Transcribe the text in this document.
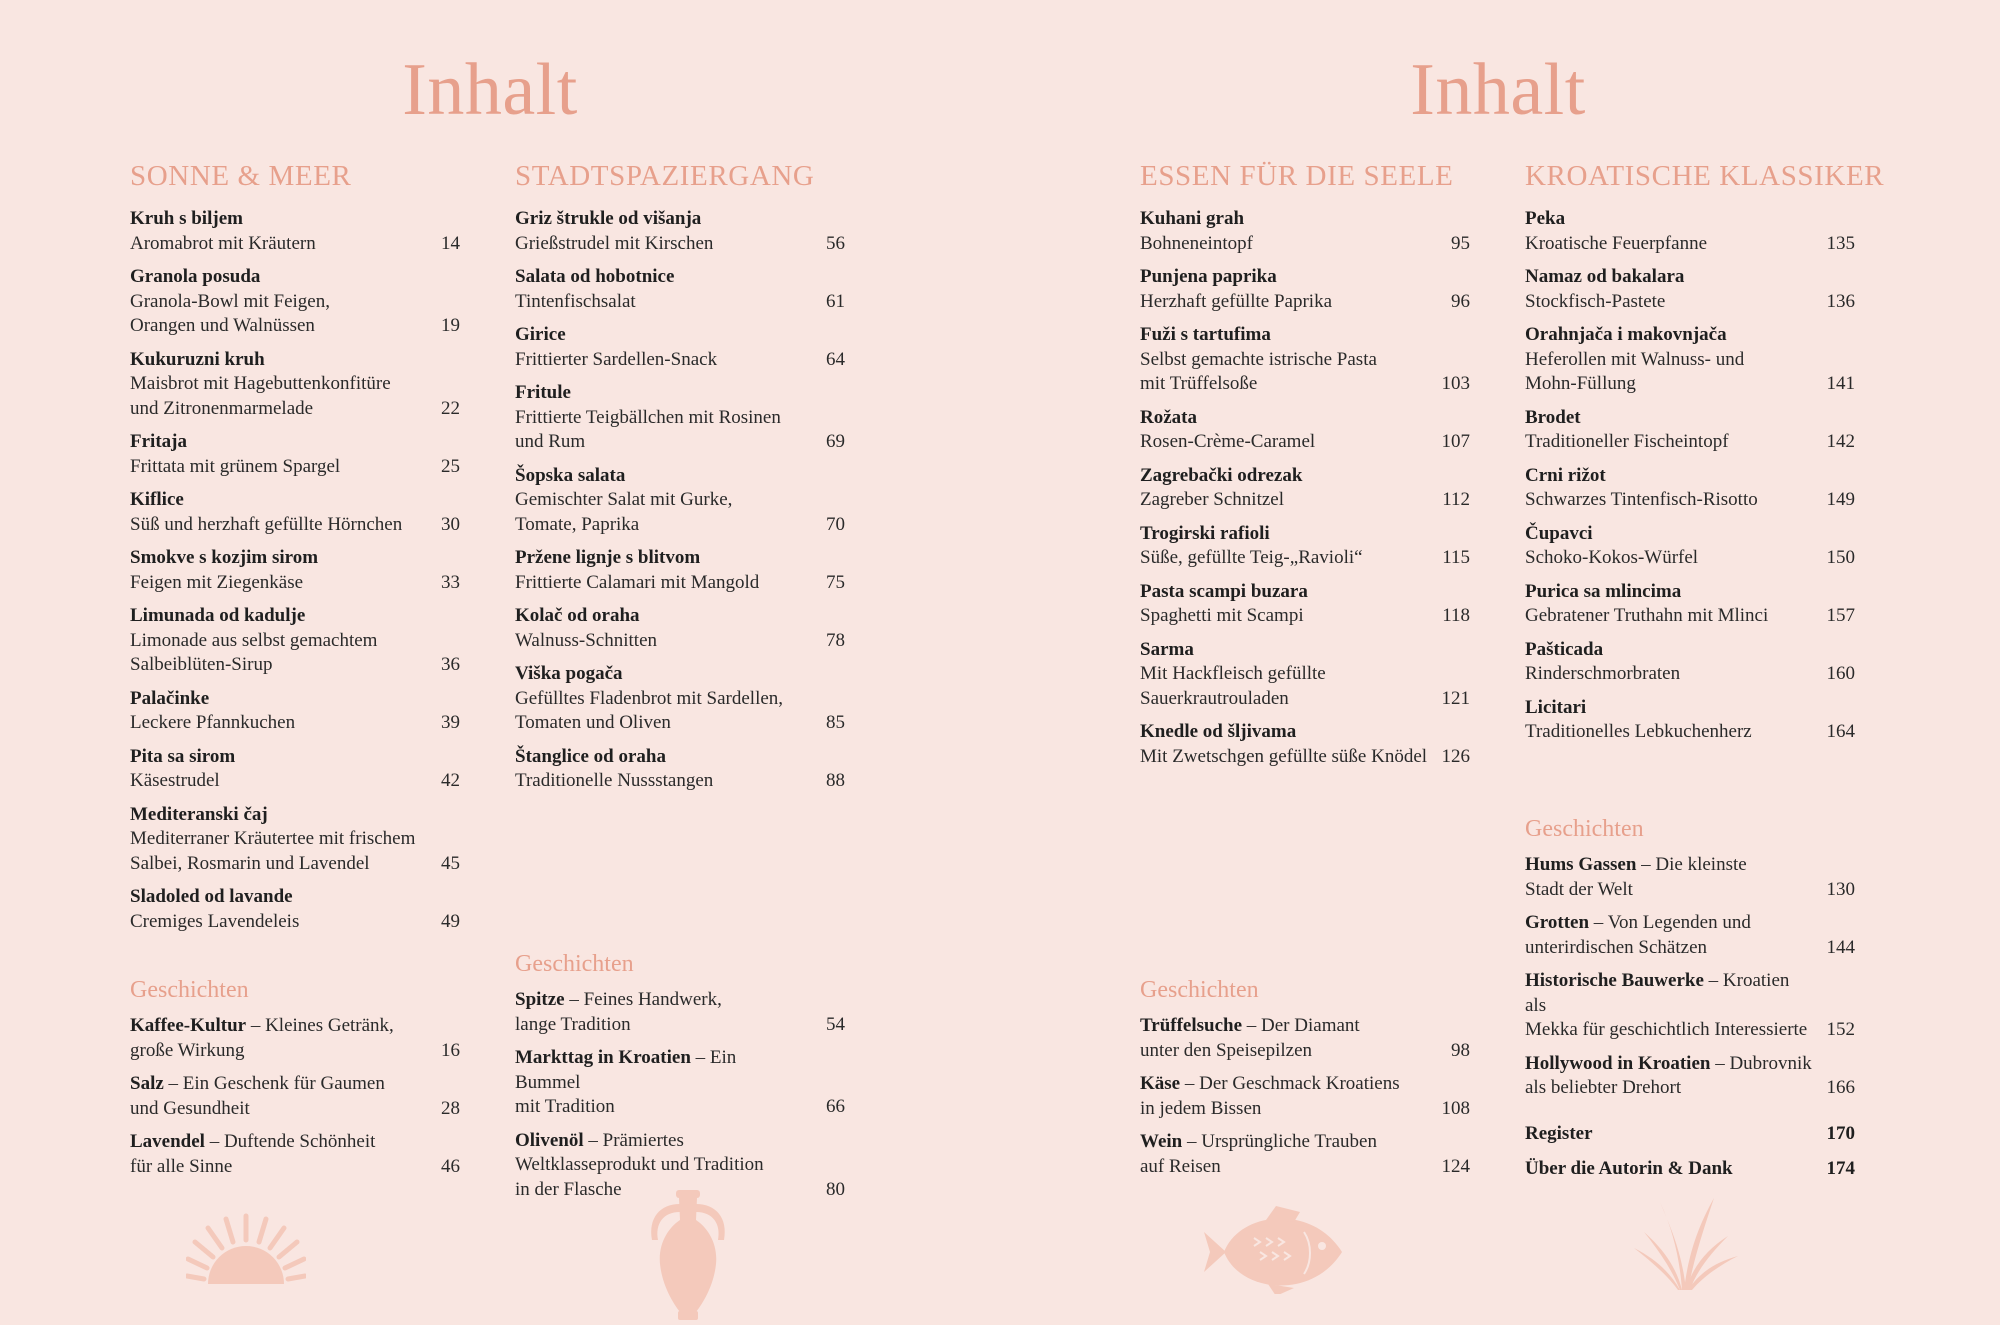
Inhalt
SONNE & MEER
Kruh s biljem
Aromabrot mit Kräutern	14
Granola posuda
Granola-Bowl mit Feigen,
Orangen und Walnüssen	19
Kukuruzni kruh
Maisbrot mit Hagebuttenkonfitüre
und Zitronenmarmelade	22
Fritaja
Frittata mit grünem Spargel	25
Kiflice
Süß und herzhaft gefüllte Hörnchen	30
Smokve s kozjim sirom
Feigen mit Ziegenkäse	33
Limunada od kadulje
Limonade aus selbst gemachtem
Salbeiblüten-Sirup	36
Palačinke
Leckere Pfannkuchen	39
Pita sa sirom
Käsestrudel	42
Mediteranski čaj
Mediterraner Kräutertee mit frischem
Salbei, Rosmarin und Lavendel	45
Sladoled od lavande
Cremiges Lavendeleis	49
Geschichten
Kaffee-Kultur – Kleines Getränk,
große Wirkung	16
Salz – Ein Geschenk für Gaumen
und Gesundheit	28
Lavendel – Duftende Schönheit
für alle Sinne	46
STADTSPAZIERGANG
Griz štrukle od višanja
Grießstrudel mit Kirschen	56
Salata od hobotnice
Tintenfischsalat	61
Girice
Frittierter Sardellen-Snack	64
Fritule
Frittierte Teigbällchen mit Rosinen
und Rum	69
Šopska salata
Gemischter Salat mit Gurke,
Tomate, Paprika	70
Pržene lignje s blitvom
Frittierte Calamari mit Mangold	75
Kolač od oraha
Walnuss-Schnitten	78
Viška pogača
Gefülltes Fladenbrot mit Sardellen,
Tomaten und Oliven	85
Štanglice od oraha
Traditionelle Nussstangen	88
Geschichten
Spitze – Feines Handwerk,
lange Tradition	54
Markttag in Kroatien – Ein Bummel
mit Tradition	66
Olivenöl – Prämiertes
Weltklasseprodukt und Tradition
in der Flasche	80
Inhalt
ESSEN FÜR DIE SEELE
Kuhani grah
Bohneneintopf	95
Punjena paprika
Herzhaft gefüllte Paprika	96
Fuži s tartufima
Selbst gemachte istrische Pasta
mit Trüffelsoße	103
Rožata
Rosen-Crème-Caramel	107
Zagrebački odrezak
Zagreber Schnitzel	112
Trogirski rafioli
Süße, gefüllte Teig-„Ravioli“	115
Pasta scampi buzara
Spaghetti mit Scampi	118
Sarma
Mit Hackfleisch gefüllte
Sauerkrautrouladen	121
Knedle od šljivama
Mit Zwetschgen gefüllte süße Knödel 126
Geschichten
Trüffelsuche – Der Diamant
unter den Speisepilzen	98
Käse – Der Geschmack Kroatiens
in jedem Bissen	108
Wein – Ursprüngliche Trauben
auf Reisen	124
KROATISCHE KLASSIKER
Peka
Kroatische Feuerpfanne	135
Namaz od bakalara
Stockfisch-Pastete	136
Orahnjača i makovnjača
Heferollen mit Walnuss- und
Mohn-Füllung	141
Brodet
Traditioneller Fischeintopf	142
Crni rižot
Schwarzes Tintenfisch-Risotto	149
Čupavci
Schoko-Kokos-Würfel	150
Purica sa mlincima
Gebratener Truthahn mit Mlinci	157
Pašticada
Rinderschmorbraten	160
Licitari
Traditionelles Lebkuchenherz	164
Geschichten
Hums Gassen – Die kleinste
Stadt der Welt	130
Grotten – Von Legenden und
unterirdischen Schätzen	144
Historische Bauwerke – Kroatien als
Mekka für geschichtlich Interessierte	152
Hollywood in Kroatien – Dubrovnik
als beliebter Drehort	166
Register	170
Über die Autorin & Dank	174
